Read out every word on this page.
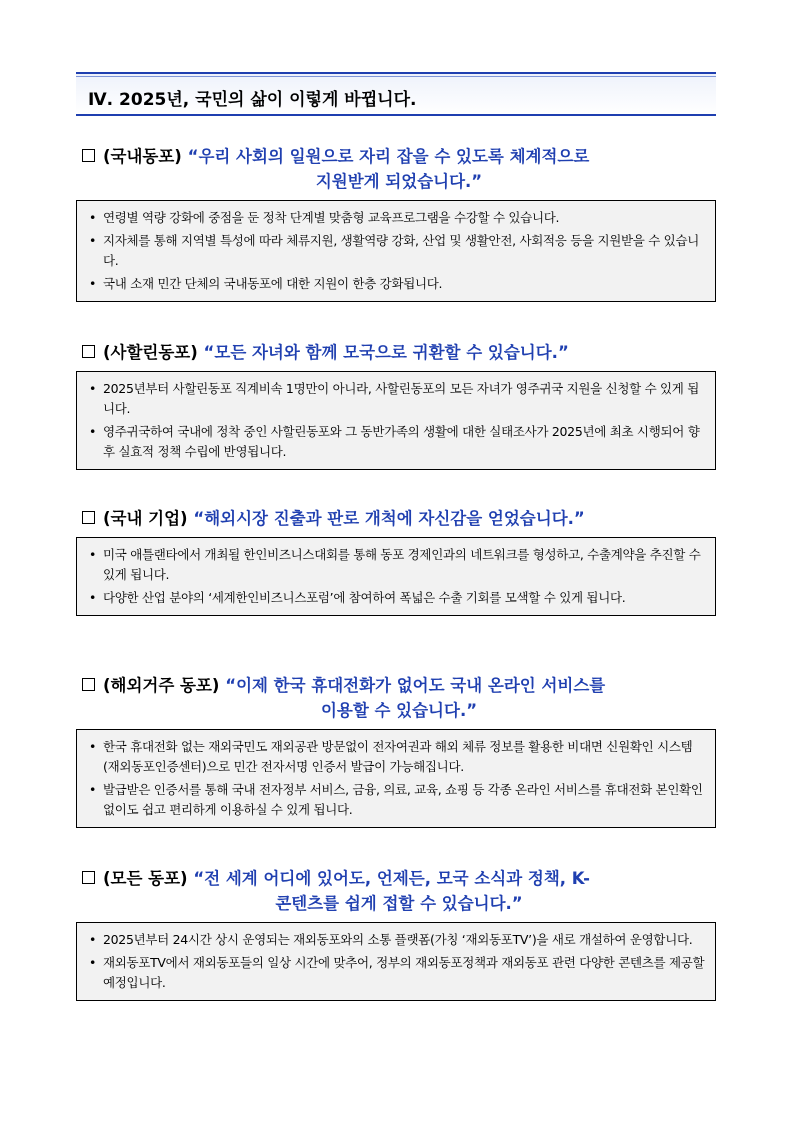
Ⅳ. 2025년, 국민의 삶이 이렇게 바뀝니다.
(국내동포) “우리 사회의 일원으로 자리 잡을 수 있도록 체계적으로
지원받게 되었습니다.”
• 연령별 역량 강화에 중점을 둔 정착 단계별 맞춤형 교육프로그램을 수강할 수 있습니다.
• 지자체를 통해 지역별 특성에 따라 체류지원, 생활역량 강화, 산업 및 생활안전, 사회적응 등을 지원받을 수 있습니다.
• 국내 소재 민간 단체의 국내동포에 대한 지원이 한층 강화됩니다.
(사할린동포) “모든 자녀와 함께 모국으로 귀환할 수 있습니다.”
• 2025년부터 사할린동포 직계비속 1명만이 아니라, 사할린동포의 모든 자녀가 영주귀국 지원을 신청할 수 있게 됩니다.
• 영주귀국하여 국내에 정착 중인 사할린동포와 그 동반가족의 생활에 대한 실태조사가 2025년에 최초 시행되어 향후 실효적 정책 수립에 반영됩니다.
(국내 기업) “해외시장 진출과 판로 개척에 자신감을 얻었습니다.”
• 미국 애틀랜타에서 개최될 한인비즈니스대회를 통해 동포 경제인과의 네트워크를 형성하고, 수출계약을 추진할 수 있게 됩니다.
• 다양한 산업 분야의 ‘세계한인비즈니스포럼’에 참여하여 폭넓은 수출 기회를 모색할 수 있게 됩니다.
(해외거주 동포) “이제 한국 휴대전화가 없어도 국내 온라인 서비스를
이용할 수 있습니다.”
• 한국 휴대전화 없는 재외국민도 재외공관 방문없이 전자여권과 해외 체류 정보를 활용한 비대면 신원확인 시스템(재외동포인증센터)으로 민간 전자서명 인증서 발급이 가능해집니다.
• 발급받은 인증서를 통해 국내 전자정부 서비스, 금융, 의료, 교육, 쇼핑 등 각종 온라인 서비스를 휴대전화 본인확인 없이도 쉽고 편리하게 이용하실 수 있게 됩니다.
(모든 동포) “전 세계 어디에 있어도, 언제든, 모국 소식과 정책, K-
콘텐츠를 쉽게 접할 수 있습니다.”
• 2025년부터 24시간 상시 운영되는 재외동포와의 소통 플랫폼(가칭 ‘재외동포TV’)을 새로 개설하여 운영합니다.
• 재외동포TV에서 재외동포들의 일상 시간에 맞추어, 정부의 재외동포정책과 재외동포 관련 다양한 콘텐츠를 제공할 예정입니다.
